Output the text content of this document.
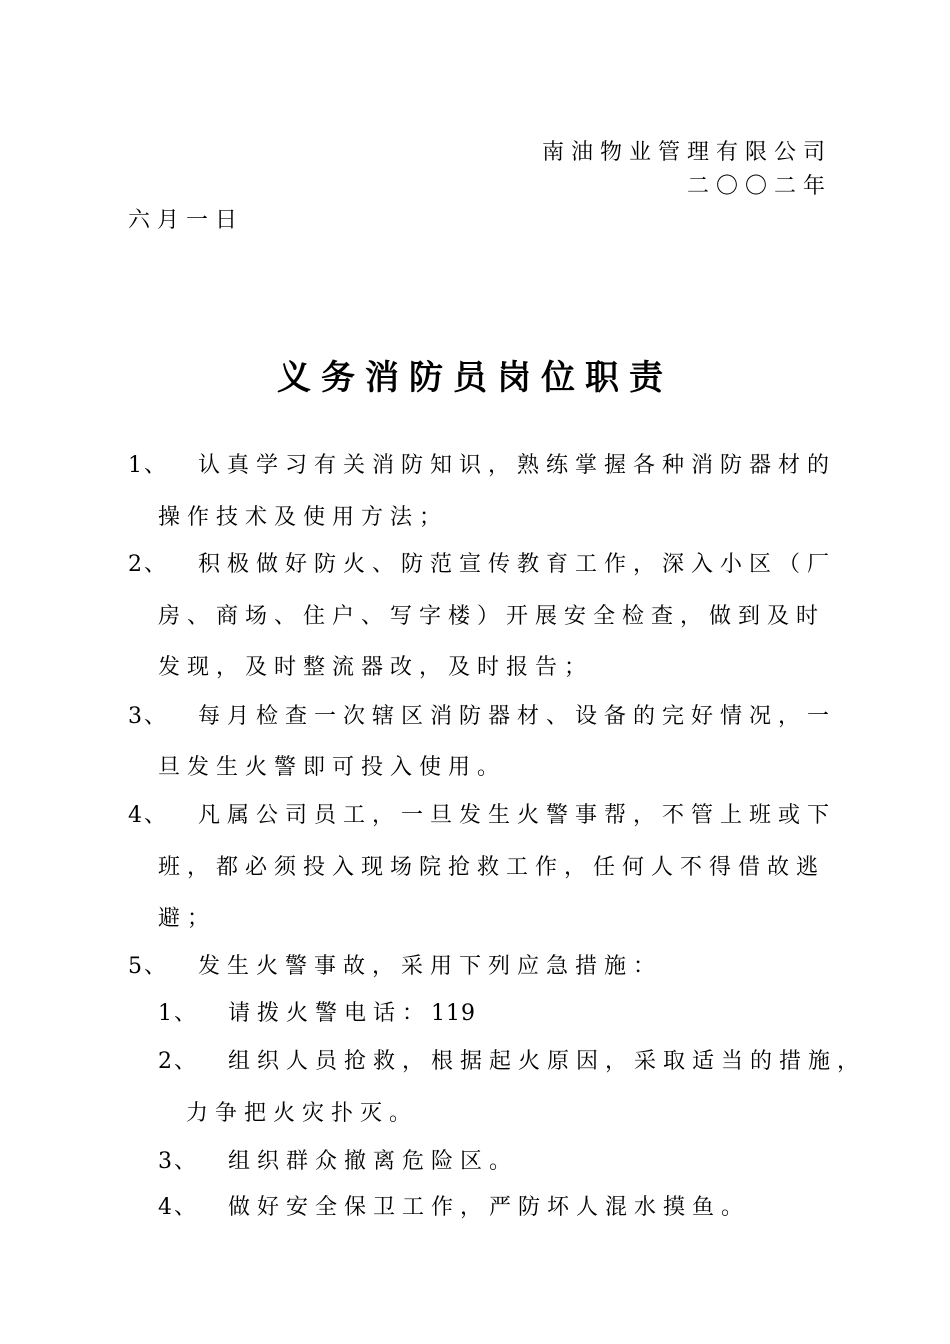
南油物业管理有限公司
二〇〇二年
六月一日
义务消防员岗位职责
1、 认真学习有关消防知识，熟练掌握各种消防器材的
操作技术及使用方法；
2、 积极做好防火、防范宣传教育工作，深入小区（厂
房、商场、住户、写字楼）开展安全检查，做到及时
发现，及时整流器改，及时报告；
3、 每月检查一次辖区消防器材、设备的完好情况，一
旦发生火警即可投入使用。
4、 凡属公司员工，一旦发生火警事帮，不管上班或下
班，都必须投入现场院抢救工作，任何人不得借故逃
避；
5、 发生火警事故，采用下列应急措施：
1、 请拨火警电话：119
2、 组织人员抢救，根据起火原因，采取适当的措施，
力争把火灾扑灭。
3、 组织群众撤离危险区。
4、 做好安全保卫工作，严防坏人混水摸鱼。
